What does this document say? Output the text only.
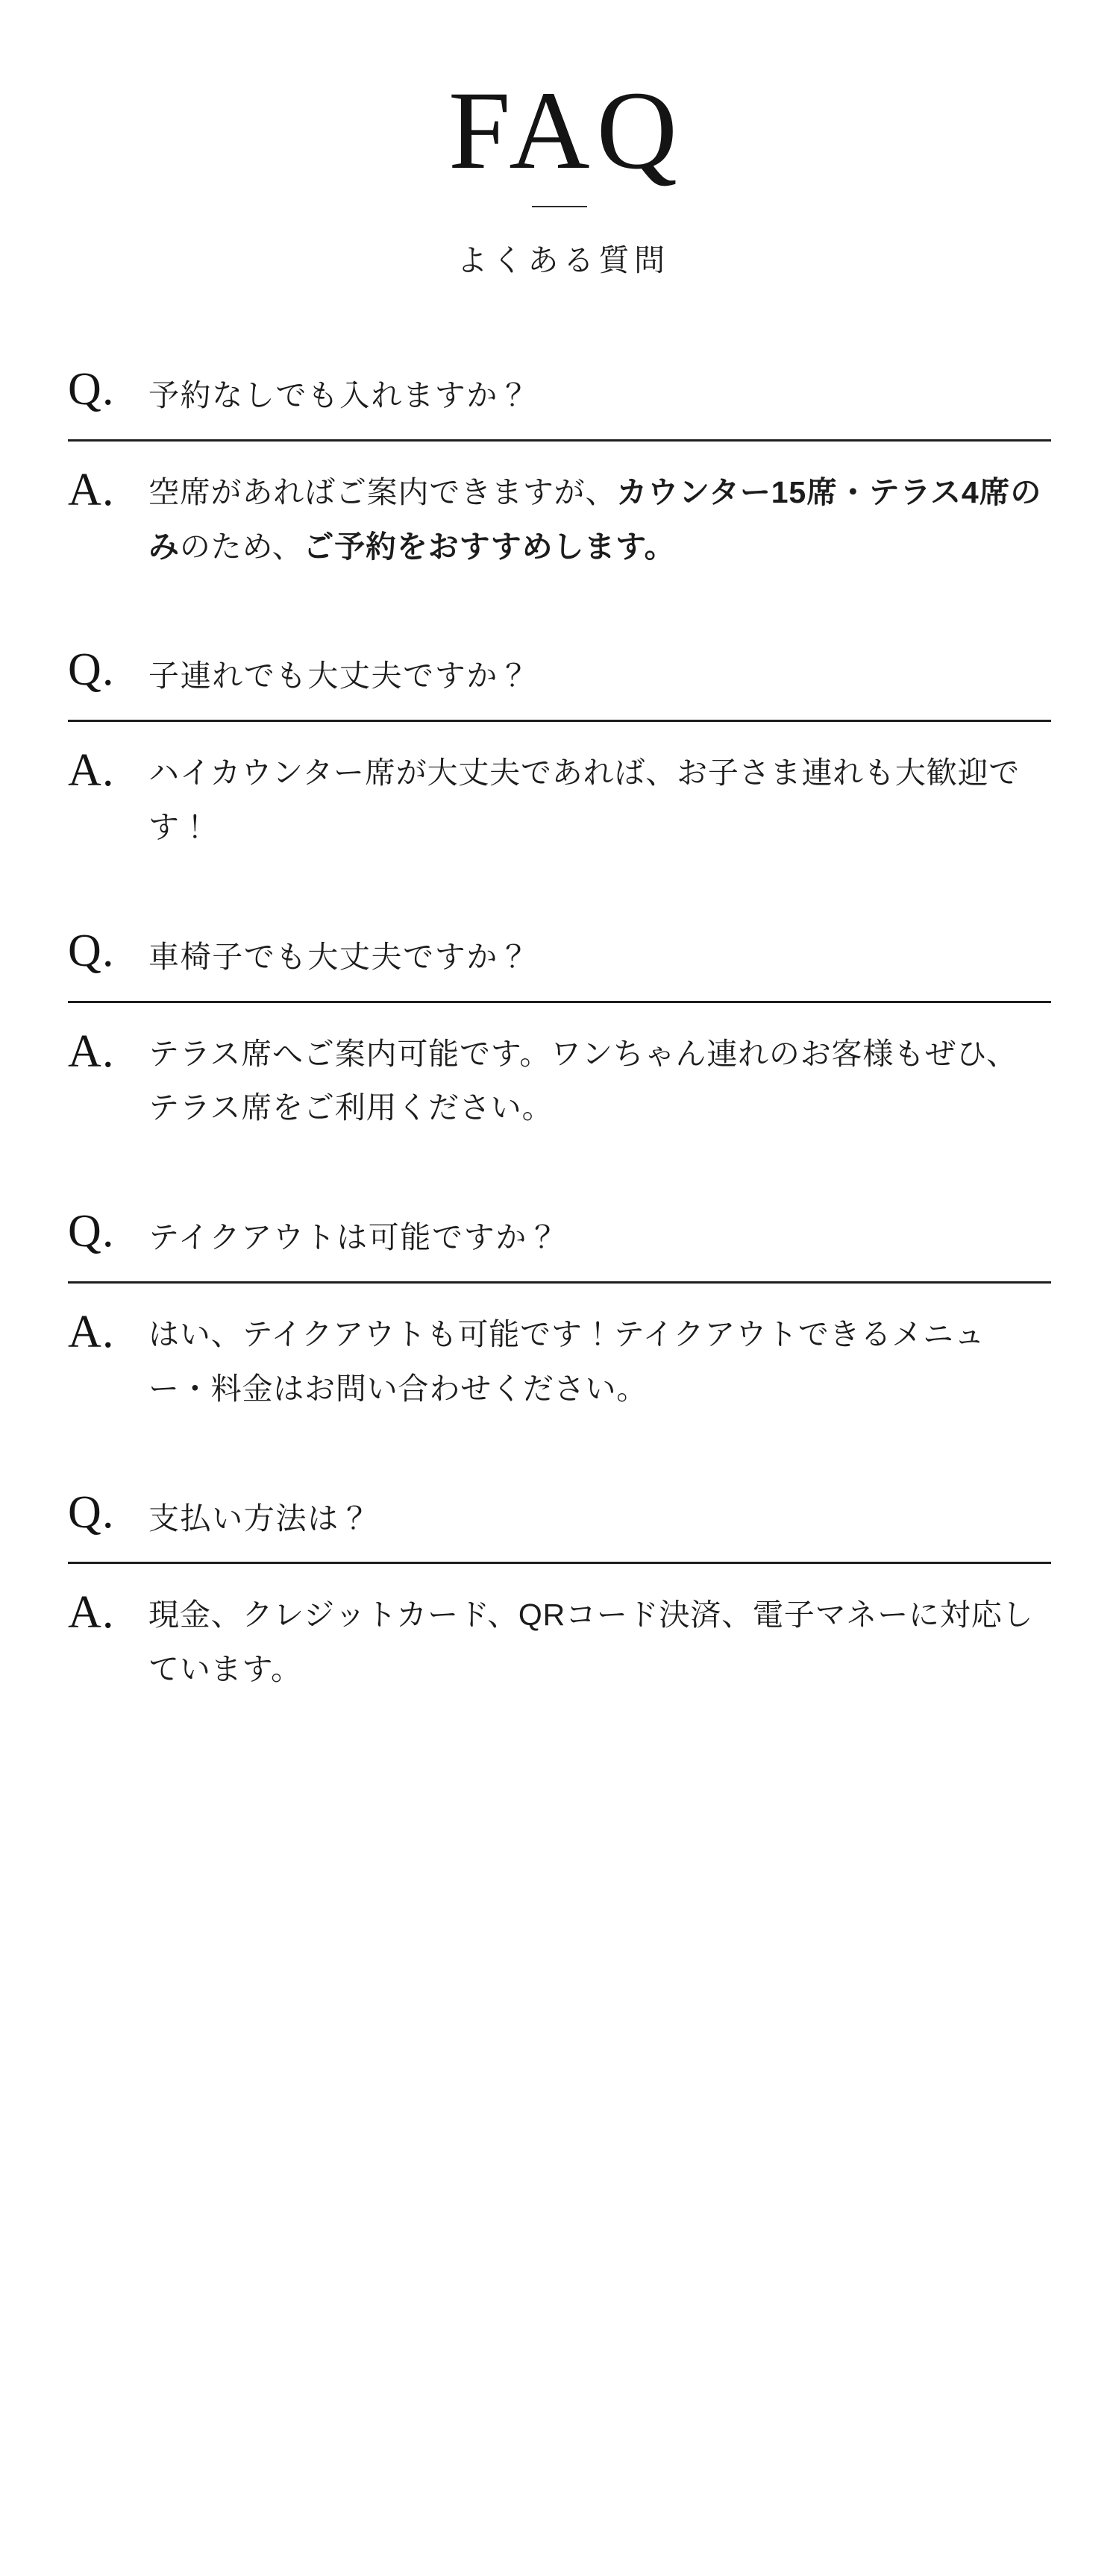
FAQ

よくある質問

Q.	予約なしでも入れますか？
A.	空席があればご案内できますが、カウンター15席・テラス4席のみのため、ご予約をおすすめします。
Q.	子連れでも大丈夫ですか？
A.	ハイカウンター席が大丈夫であれば、お子さま連れも大歓迎です！
Q.	車椅子でも大丈夫ですか？
A.	テラス席へご案内可能です。ワンちゃん連れのお客様もぜひ、テラス席をご利用ください。
Q.	テイクアウトは可能ですか？
A.	はい、テイクアウトも可能です！テイクアウトできるメニュー・料金はお問い合わせください。
Q.	支払い方法は？
A.	現金、クレジットカード、QRコード決済、電子マネーに対応しています。
